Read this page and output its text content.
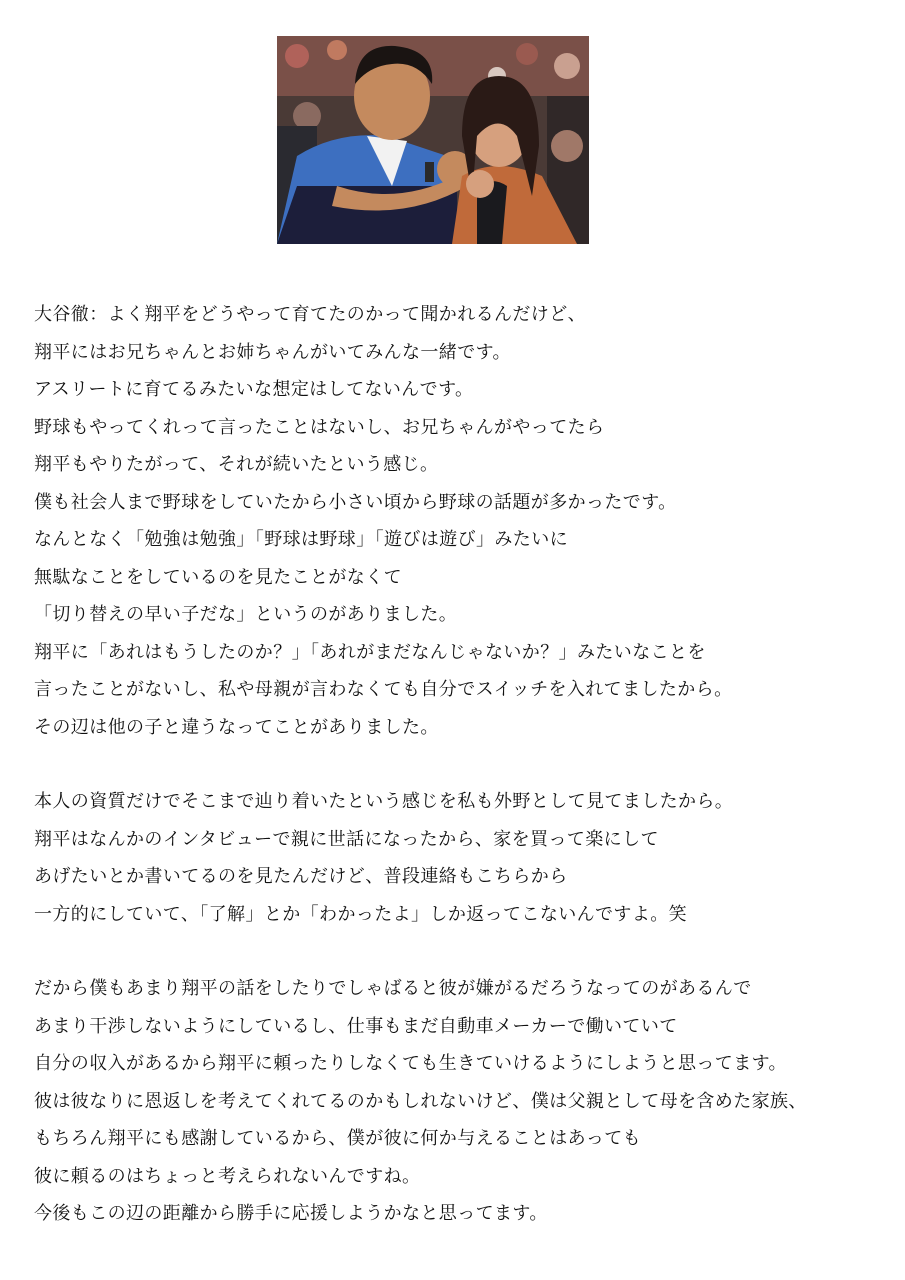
大谷徹：よく翔平をどうやって育てたのかって聞かれるんだけど、
翔平にはお兄ちゃんとお姉ちゃんがいてみんな一緒です。
アスリートに育てるみたいな想定はしてないんです。
野球もやってくれって言ったことはないし、お兄ちゃんがやってたら
翔平もやりたがって、それが続いたという感じ。
僕も社会人まで野球をしていたから小さい頃から野球の話題が多かったです。
なんとなく「勉強は勉強」「野球は野球」「遊びは遊び」みたいに
無駄なことをしているのを見たことがなくて
「切り替えの早い子だな」というのがありました。
翔平に「あれはもうしたのか？」「あれがまだなんじゃないか？」みたいなことを
言ったことがないし、私や母親が言わなくても自分でスイッチを入れてましたから。
その辺は他の子と違うなってことがありました。
本人の資質だけでそこまで辿り着いたという感じを私も外野として見てましたから。
翔平はなんかのインタビューで親に世話になったから、家を買って楽にして
あげたいとか書いてるのを見たんだけど、普段連絡もこちらから
一方的にしていて、「了解」とか「わかったよ」しか返ってこないんですよ。笑
だから僕もあまり翔平の話をしたりでしゃばると彼が嫌がるだろうなってのがあるんで
あまり干渉しないようにしているし、仕事もまだ自動車メーカーで働いていて
自分の収入があるから翔平に頼ったりしなくても生きていけるようにしようと思ってます。
彼は彼なりに恩返しを考えてくれてるのかもしれないけど、僕は父親として母を含めた家族、
もちろん翔平にも感謝しているから、僕が彼に何か与えることはあっても
彼に頼るのはちょっと考えられないんですね。
今後もこの辺の距離から勝手に応援しようかなと思ってます。
